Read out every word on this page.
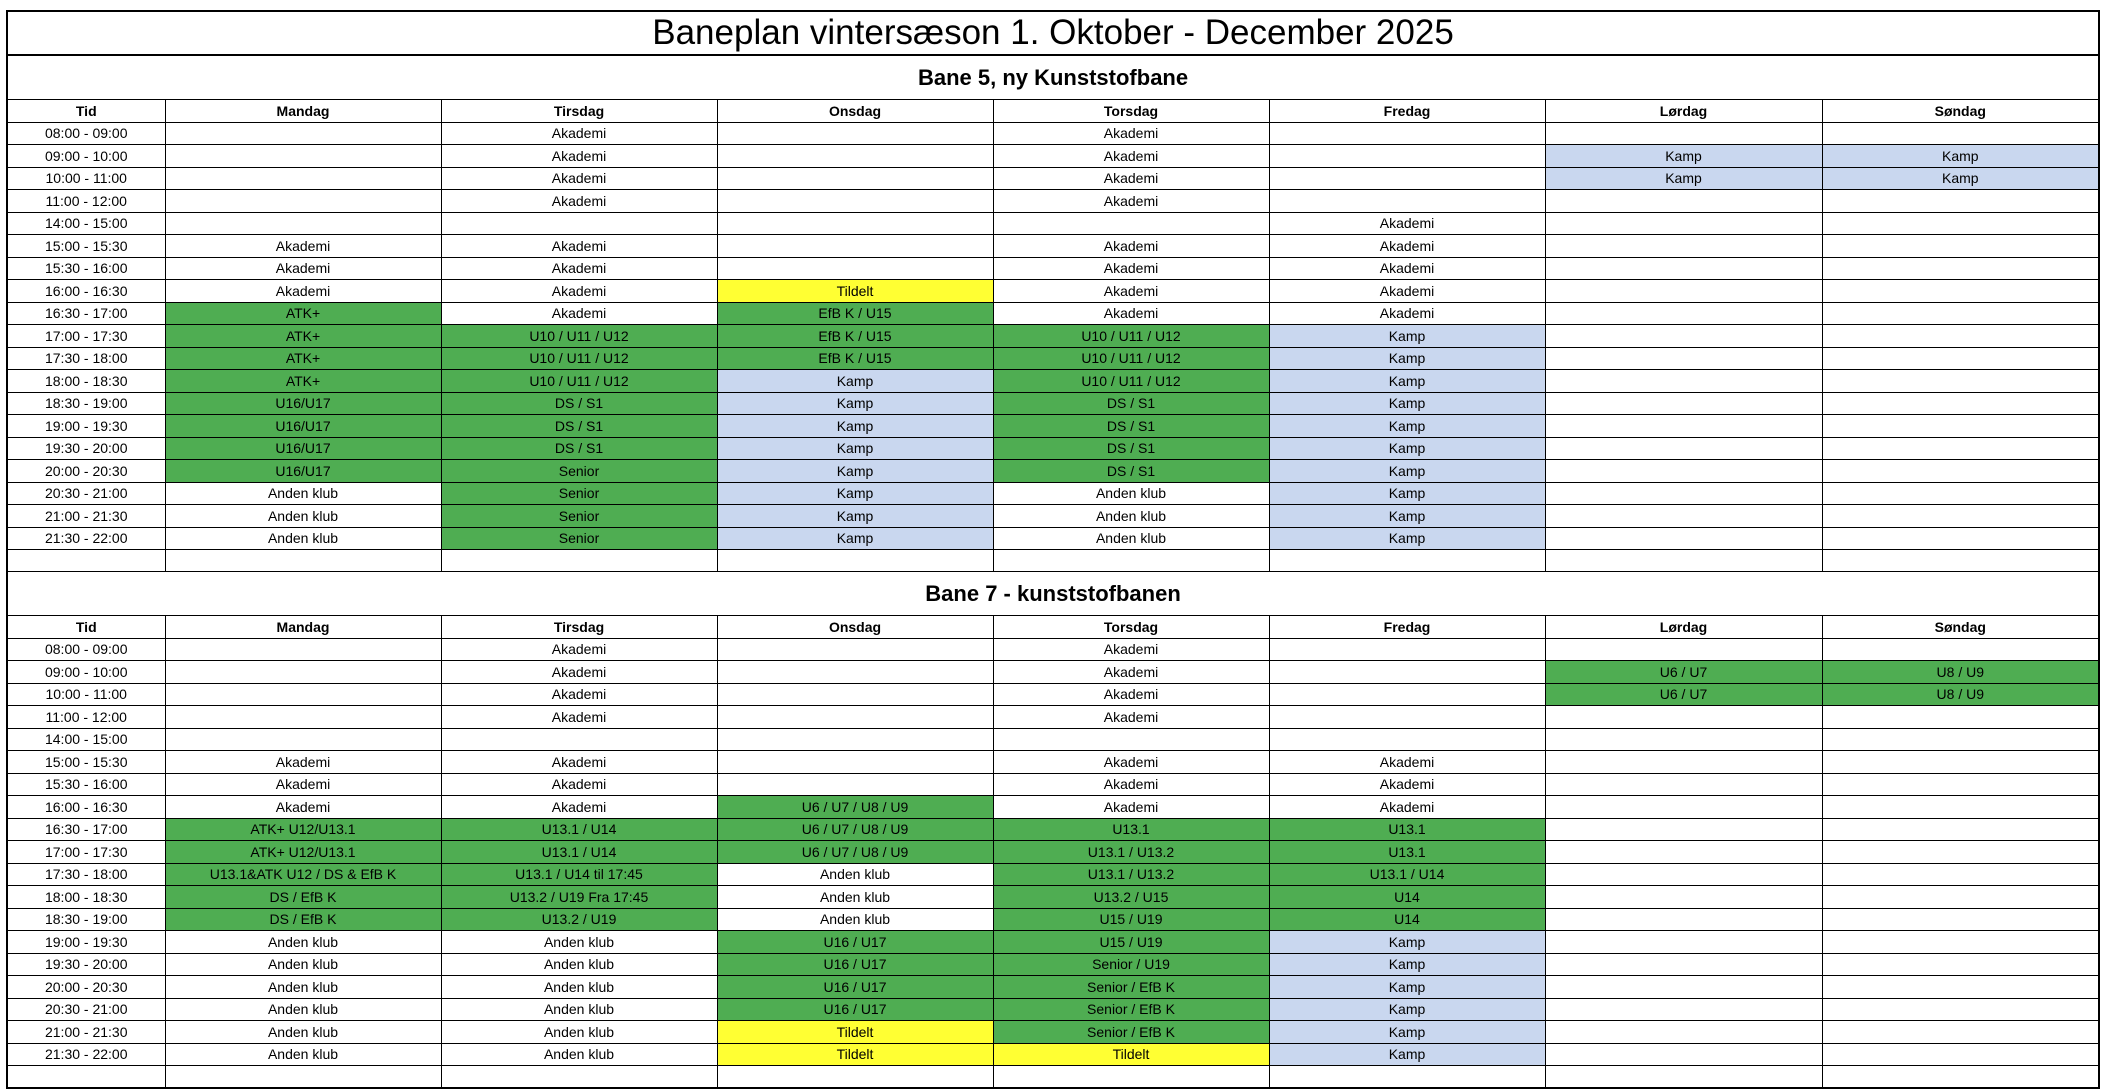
Baneplan vintersæson 1. Oktober - December 2025							
Bane 5, ny Kunststofbane							
Tid	Mandag	Tirsdag	Onsdag	Torsdag	Fredag	Lørdag	Søndag
08:00 - 09:00		Akademi		Akademi			
09:00 - 10:00		Akademi		Akademi		Kamp	Kamp
10:00 - 11:00		Akademi		Akademi		Kamp	Kamp
11:00 - 12:00		Akademi		Akademi			
14:00 - 15:00					Akademi		
15:00 - 15:30	Akademi	Akademi		Akademi	Akademi		
15:30 - 16:00	Akademi	Akademi		Akademi	Akademi		
16:00 - 16:30	Akademi	Akademi	Tildelt	Akademi	Akademi		
16:30 - 17:00	ATK+	Akademi	EfB K / U15	Akademi	Akademi		
17:00 - 17:30	ATK+	U10 / U11 / U12	EfB K / U15	U10 / U11 / U12	Kamp		
17:30 - 18:00	ATK+	U10 / U11 / U12	EfB K / U15	U10 / U11 / U12	Kamp		
18:00 - 18:30	ATK+	U10 / U11 / U12	Kamp	U10 / U11 / U12	Kamp		
18:30 - 19:00	U16/U17	DS / S1	Kamp	DS / S1	Kamp		
19:00 - 19:30	U16/U17	DS / S1	Kamp	DS / S1	Kamp		
19:30 - 20:00	U16/U17	DS / S1	Kamp	DS / S1	Kamp		
20:00 - 20:30	U16/U17	Senior	Kamp	DS / S1	Kamp		
20:30 - 21:00	Anden klub	Senior	Kamp	Anden klub	Kamp		
21:00 - 21:30	Anden klub	Senior	Kamp	Anden klub	Kamp		
21:30 - 22:00	Anden klub	Senior	Kamp	Anden klub	Kamp		

Bane 7 - kunststofbanen							
Tid	Mandag	Tirsdag	Onsdag	Torsdag	Fredag	Lørdag	Søndag
08:00 - 09:00		Akademi		Akademi			
09:00 - 10:00		Akademi		Akademi		U6 / U7	U8 / U9
10:00 - 11:00		Akademi		Akademi		U6 / U7	U8 / U9
11:00 - 12:00		Akademi		Akademi			
14:00 - 15:00							
15:00 - 15:30	Akademi	Akademi		Akademi	Akademi		
15:30 - 16:00	Akademi	Akademi		Akademi	Akademi		
16:00 - 16:30	Akademi	Akademi	U6 / U7 / U8 / U9	Akademi	Akademi		
16:30 - 17:00	ATK+ U12/U13.1	U13.1 / U14	U6 / U7 / U8 / U9	U13.1	U13.1		
17:00 - 17:30	ATK+ U12/U13.1	U13.1 / U14	U6 / U7 / U8 / U9	U13.1 / U13.2	U13.1		
17:30 - 18:00	U13.1&ATK U12 / DS & EfB K	U13.1 / U14 til 17:45	Anden klub	U13.1 / U13.2	U13.1 / U14		
18:00 - 18:30	DS / EfB K	U13.2 / U19 Fra 17:45	Anden klub	U13.2 / U15	U14		
18:30 - 19:00	DS / EfB K	U13.2 / U19	Anden klub	U15 / U19	U14		
19:00 - 19:30	Anden klub	Anden klub	U16 / U17	U15 / U19	Kamp		
19:30 - 20:00	Anden klub	Anden klub	U16 / U17	Senior / U19	Kamp		
20:00 - 20:30	Anden klub	Anden klub	U16 / U17	Senior / EfB K	Kamp		
20:30 - 21:00	Anden klub	Anden klub	U16 / U17	Senior / EfB K	Kamp		
21:00 - 21:30	Anden klub	Anden klub	Tildelt	Senior / EfB K	Kamp		
21:30 - 22:00	Anden klub	Anden klub	Tildelt	Tildelt	Kamp		
